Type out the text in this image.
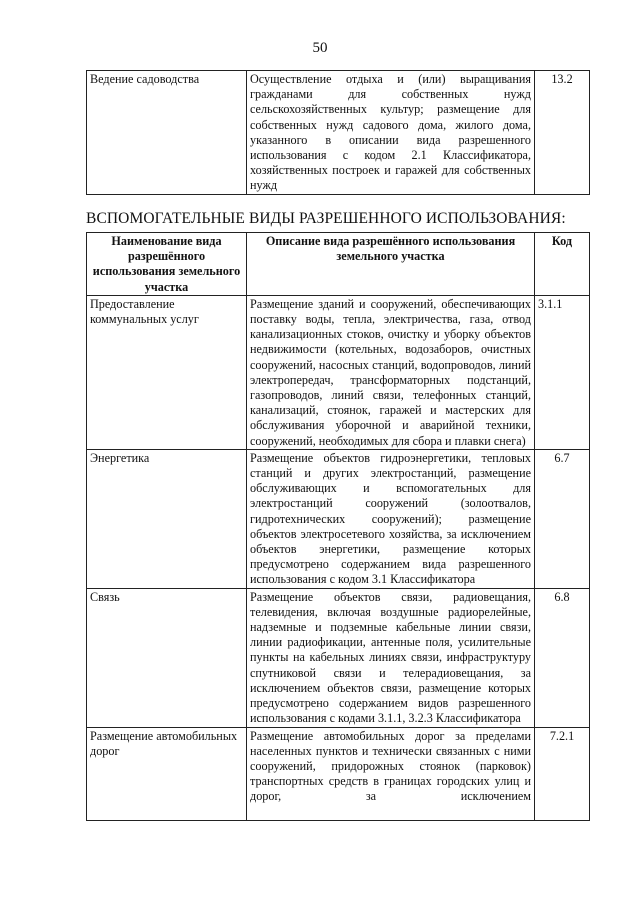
50
Ведение садоводства	Осуществление отдыха и (или) выращивания гражданами для собственных нужд сельскохозяйственных культур; размещение для собственных нужд садового дома, жилого дома, указанного в описании вида разрешенного использования с кодом 2.1 Классификатора, хозяйственных построек и гаражей для собственных нужд	13.2
ВСПОМОГАТЕЛЬНЫЕ ВИДЫ РАЗРЕШЕННОГО ИСПОЛЬЗОВАНИЯ:
Наименование вида разрешённого использования земельного участка	Описание вида разрешённого использования земельного участка	Код
Предоставление коммунальных услуг	Размещение зданий и сооружений, обеспечивающих поставку воды, тепла, электричества, газа, отвод канализационных стоков, очистку и уборку объектов недвижимости (котельных, водозаборов, очистных сооружений, насосных станций, водопроводов, линий электропередач, трансформаторных подстанций, газопроводов, линий связи, телефонных станций, канализаций, стоянок, гаражей и мастерских для обслуживания уборочной и аварийной техники, сооружений, необходимых для сбора и плавки снега)	3.1.1
Энергетика	Размещение объектов гидроэнергетики, тепловых станций и других электростанций, размещение обслуживающих и вспомогательных для электростанций сооружений (золоотвалов, гидротехнических сооружений); размещение объектов электросетевого хозяйства, за исключением объектов энергетики, размещение которых предусмотрено содержанием вида разрешенного использования с кодом 3.1 Классификатора	6.7
Связь	Размещение объектов связи, радиовещания, телевидения, включая воздушные радиорелейные, надземные и подземные кабельные линии связи, линии радиофикации, антенные поля, усилительные пункты на кабельных линиях связи, инфраструктуру спутниковой связи и телерадиовещания, за исключением объектов связи, размещение которых предусмотрено содержанием видов разрешенного использования с кодами 3.1.1, 3.2.3 Классификатора	6.8
Размещение автомобильных дорог	Размещение автомобильных дорог за пределами населенных пунктов и технически связанных с ними сооружений, придорожных стоянок (парковок) транспортных средств в границах городских улиц и дорог, за исключением	7.2.1
